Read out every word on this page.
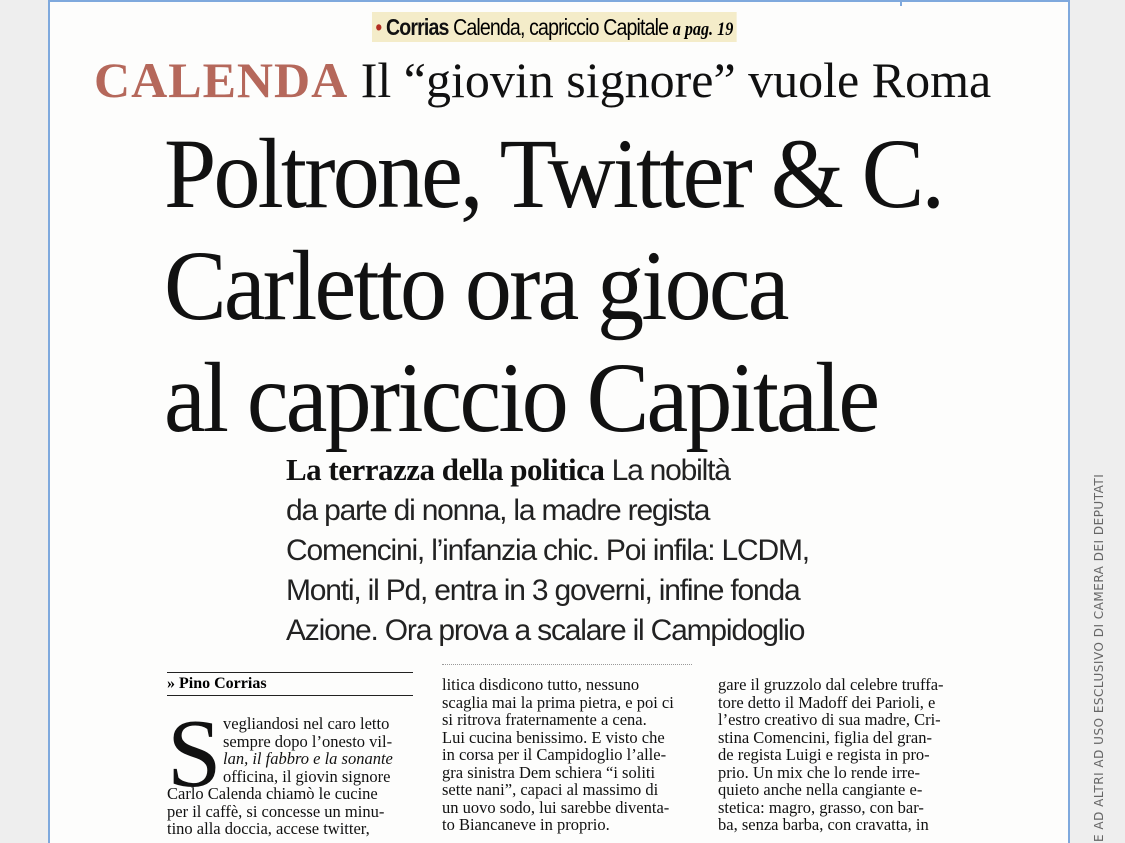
• Corrias Calenda, capriccio Capitale a pag. 19
CALENDA Il “giovin signore” vuole Roma
Poltrone, Twitter & C.
Carletto ora gioca
al capriccio Capitale
La terrazza della politica La nobiltà
da parte di nonna, la madre regista
Comencini, l’infanzia chic. Poi infila: LCDM,
Monti, il Pd, entra in 3 governi, infine fonda
Azione. Ora prova a scalare il Campidoglio
» Pino Corrias
S vegliandosi nel caro letto
sempre dopo l’onesto vil-
lan, il fabbro e la sonante
officina, il giovin signore
Carlo Calenda chiamò le cucine
per il caffè, si concesse un minu-
tino alla doccia, accese twitter,
litica disdicono tutto, nessuno
scaglia mai la prima pietra, e poi ci
si ritrova fraternamente a cena.
Lui cucina benissimo. E visto che
in corsa per il Campidoglio l’alle-
gra sinistra Dem schiera “i soliti
sette nani”, capaci al massimo di
un uovo sodo, lui sarebbe diventa-
to Biancaneve in proprio.
gare il gruzzolo dal celebre truffa-
tore detto il Madoff dei Parioli, e
l’estro creativo di sua madre, Cri-
stina Comencini, figlia del gran-
de regista Luigi e regista in pro-
prio. Un mix che lo rende irre-
quieto anche nella cangiante e-
stetica: magro, grasso, con bar-
ba, senza barba, con cravatta, in	E AD ALTRI AD USO ESCLUSIVO DI CAMERA DEI DEPUTATI
